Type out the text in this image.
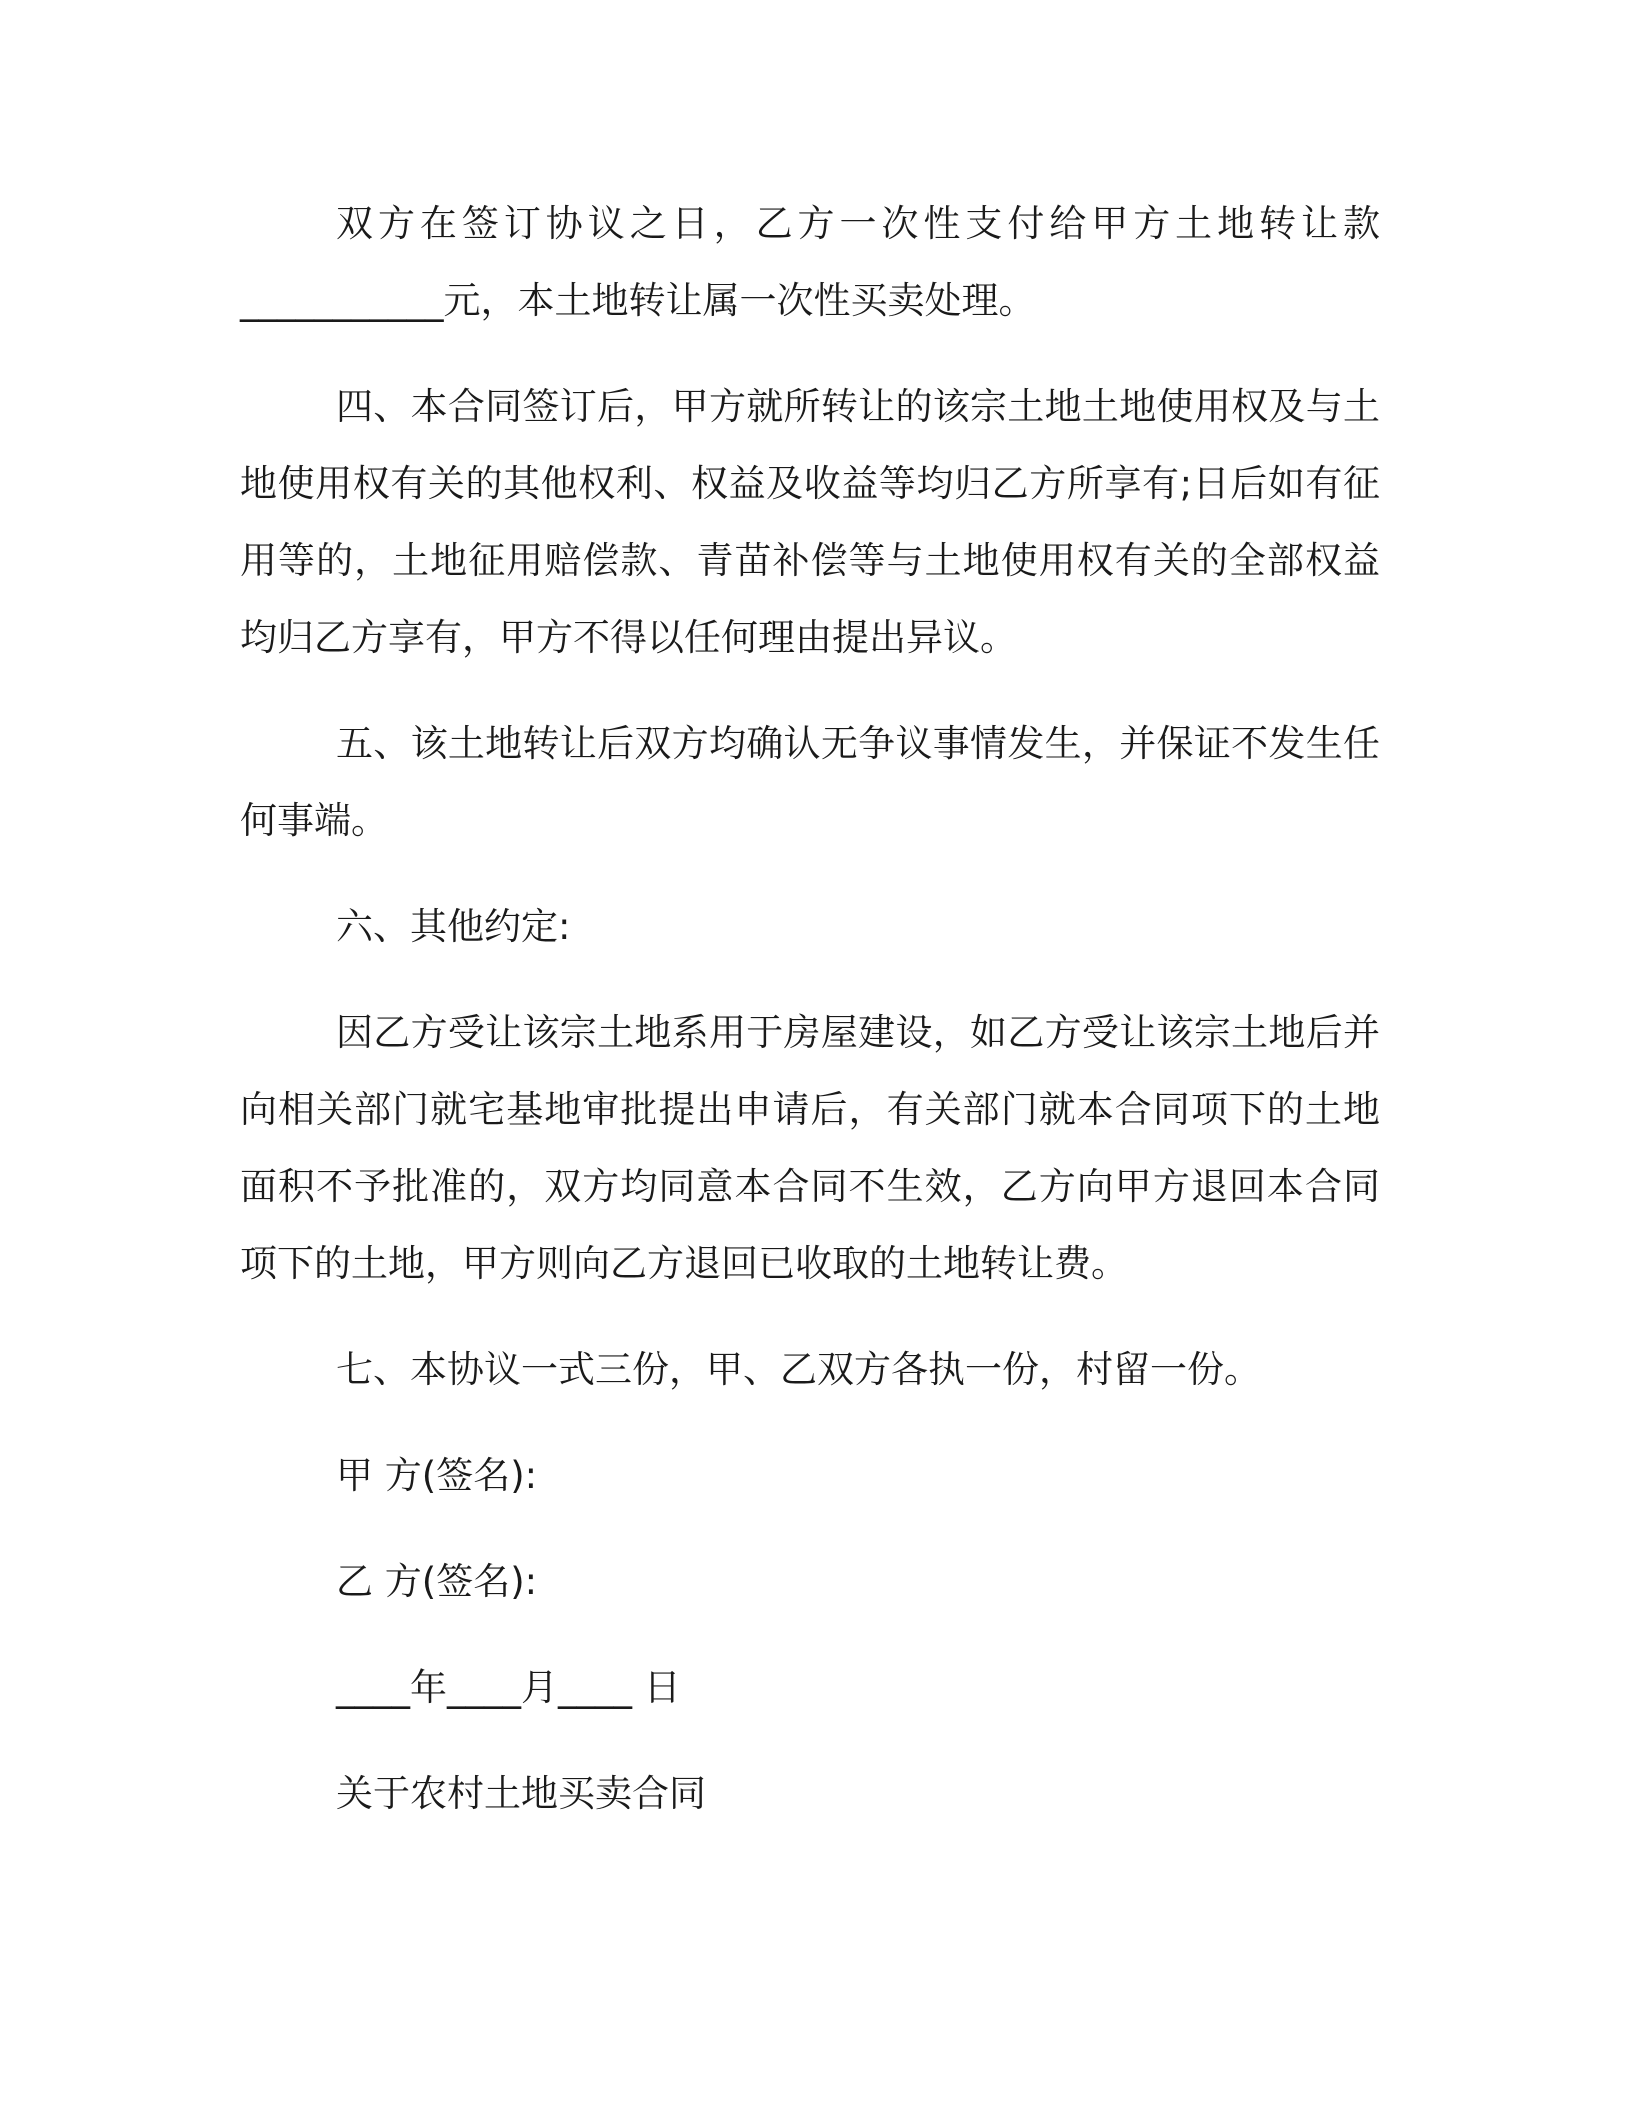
双方在签订协议之日，乙方一次性支付给甲方土地转让款___________元，本土地转让属一次性买卖处理。

四、本合同签订后，甲方就所转让的该宗土地土地使用权及与土地使用权有关的其他权利、权益及收益等均归乙方所享有;日后如有征用等的，土地征用赔偿款、青苗补偿等与土地使用权有关的全部权益均归乙方享有，甲方不得以任何理由提出异议。

五、该土地转让后双方均确认无争议事情发生，并保证不发生任何事端。

六、其他约定:

因乙方受让该宗土地系用于房屋建设，如乙方受让该宗土地后并向相关部门就宅基地审批提出申请后，有关部门就本合同项下的土地面积不予批准的，双方均同意本合同不生效，乙方向甲方退回本合同项下的土地，甲方则向乙方退回已收取的土地转让费。

七、本协议一式三份，甲、乙双方各执一份，村留一份。

甲 方(签名):

乙 方(签名):

____年____月____ 日

关于农村土地买卖合同
